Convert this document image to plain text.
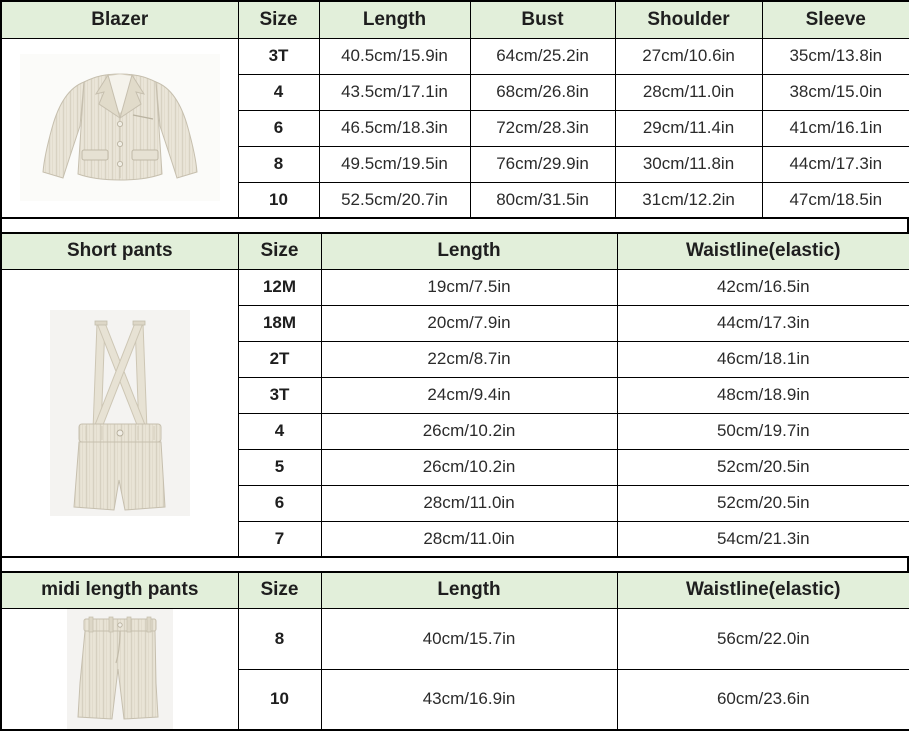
Blazer	Size	Length	Bust	Shoulder	Sleeve

	3T	40.5cm/15.9in	64cm/25.2in	27cm/10.6in	35cm/13.8in
	4	43.5cm/17.1in	68cm/26.8in	28cm/11.0in	38cm/15.0in
	6	46.5cm/18.3in	72cm/28.3in	29cm/11.4in	41cm/16.1in
	8	49.5cm/19.5in	76cm/29.9in	30cm/11.8in	44cm/17.3in
	10	52.5cm/20.7in	80cm/31.5in	31cm/12.2in	47cm/18.5in
Short pants	Size	Length	Waistline(elastic)

	12M	19cm/7.5in	42cm/16.5in
	18M	20cm/7.9in	44cm/17.3in
	2T	22cm/8.7in	46cm/18.1in
	3T	24cm/9.4in	48cm/18.9in
	4	26cm/10.2in	50cm/19.7in
	5	26cm/10.2in	52cm/20.5in
	6	28cm/11.0in	52cm/20.5in
	7	28cm/11.0in	54cm/21.3in
midi length pants	Size	Length	Waistline(elastic)

	8	40cm/15.7in	56cm/22.0in
	10	43cm/16.9in	60cm/23.6in
